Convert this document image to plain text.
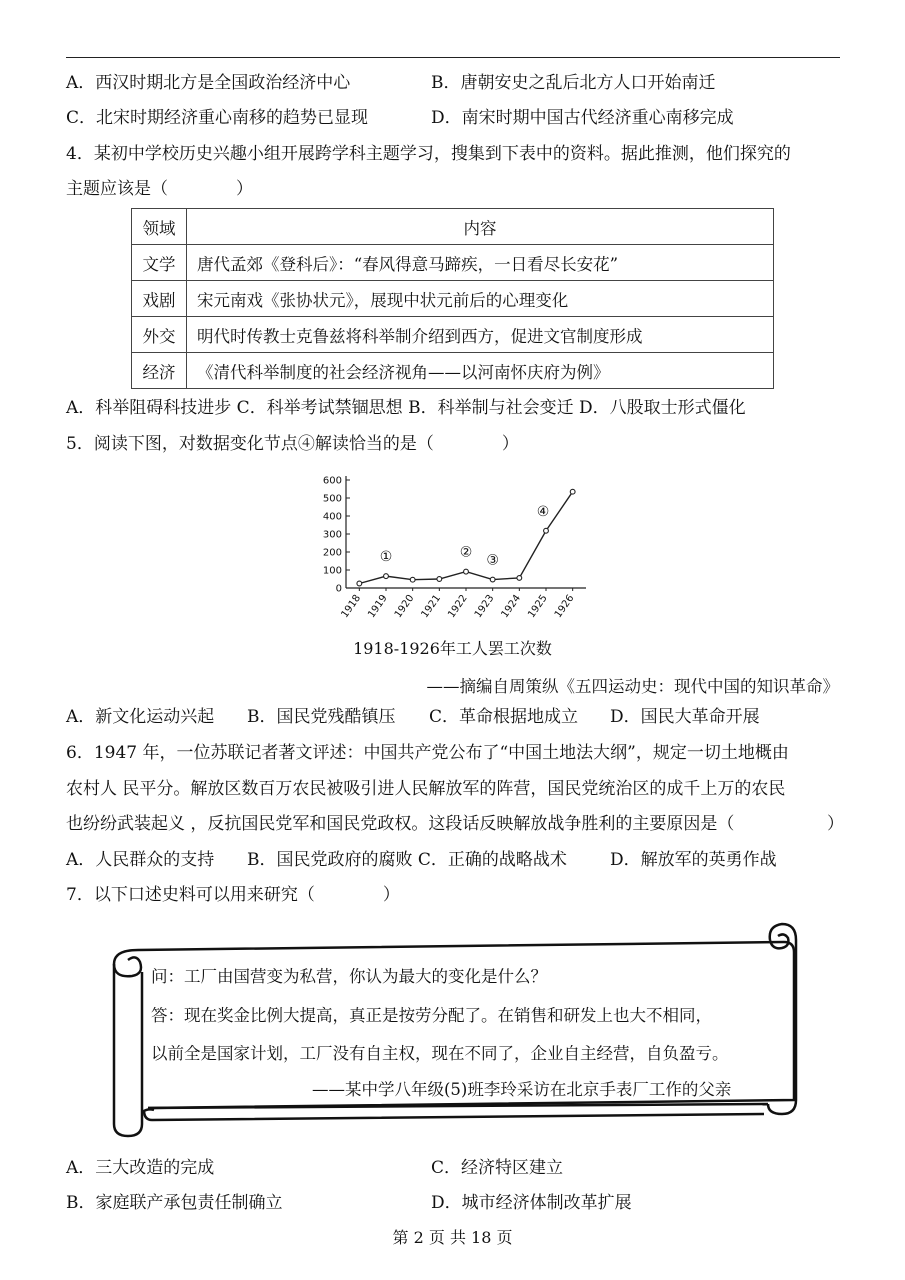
A．西汉时期北方是全国政治经济中心	B．唐朝安史之乱后北方人口开始南迁
C．北宋时期经济重心南移的趋势已显现	D．南宋时期中国古代经济重心南移完成
4．某初中学校历史兴趣小组开展跨学科主题学习，搜集到下表中的资料。据此推测，他们探究的
主题应该是（　　　　）
领域	内容
文学	唐代孟郊《登科后》：“春风得意马蹄疾，一日看尽长安花”
戏剧	宋元南戏《张协状元》，展现中状元前后的心理变化
外交	明代时传教士克鲁兹将科举制介绍到西方，促进文官制度形成
经济	《清代科举制度的社会经济视角——以河南怀庆府为例》
A．科举阻碍科技进步 C．科举考试禁锢思想 B．科举制与社会变迁 D．八股取士形式僵化
5．阅读下图，对数据变化节点④解读恰当的是（　　　　）
0
100
200
300
400
500
600
1918 1919 1920 1921 1922 1923 1924 1925 1926
①	② ③
④
1918-1926年工人罢工次数
——摘编自周策纵《五四运动史：现代中国的知识革命》
A．新文化运动兴起 B．国民党残酷镇压 C．革命根据地成立 D．国民大革命开展
6．1947 年，一位苏联记者著文评述：中国共产党公布了“中国土地法大纲”，规定一切土地概由
农村人 民平分。解放区数百万农民被吸引进人民解放军的阵营，国民党统治区的成千上万的农民
也纷纷武装起义 ，反抗国民党军和国民党政权。这段话反映解放战争胜利的主要原因是（	）
A．人民群众的支持 B．国民党政府的腐败 C．正确的战略战术	D．解放军的英勇作战
7．以下口述史料可以用来研究（　　　　）
问：工厂由国营变为私营，你认为最大的变化是什么？
答：现在奖金比例大提高，真正是按劳分配了。在销售和研发上也大不相同，
以前全是国家计划，工厂没有自主权，现在不同了，企业自主经营，自负盈亏。
——某中学八年级(5)班李玲采访在北京手表厂工作的父亲
A．三大改造的完成	C．经济特区建立
B．家庭联产承包责任制确立	D．城市经济体制改革扩展
第 2 页 共 18 页
